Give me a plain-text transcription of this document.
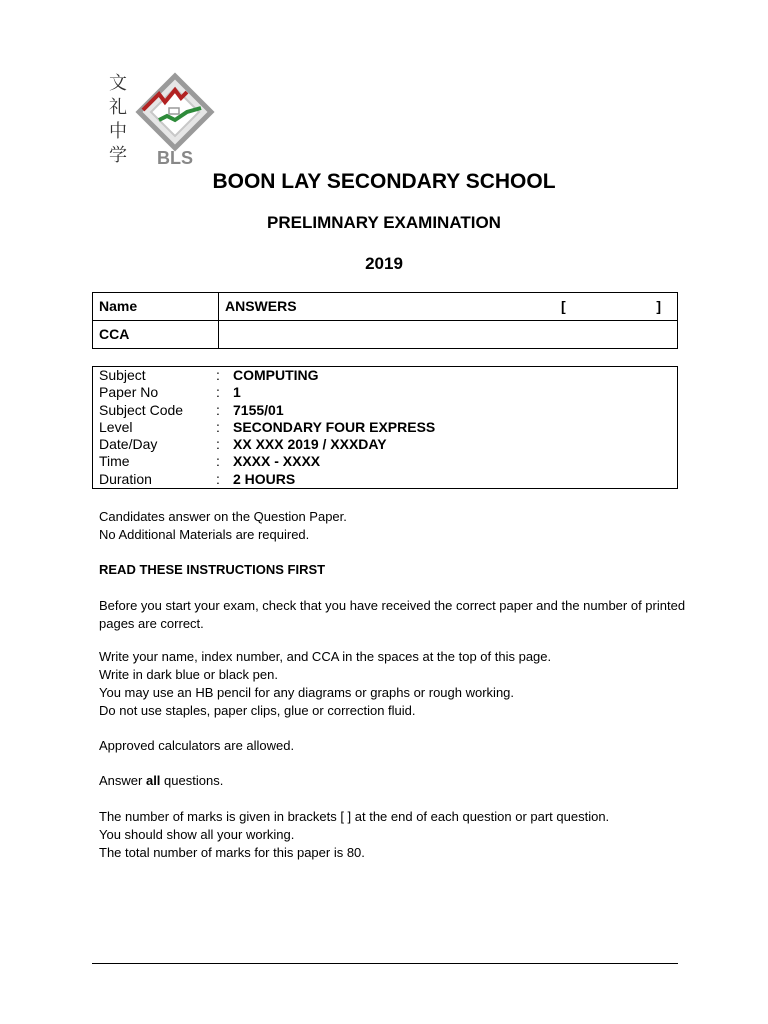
文
礼
中
学 BLS
BOON LAY SECONDARY SCHOOL
PRELIMNARY EXAMINATION
2019
Name	ANSWERS [ ]

CCA	
Subject	:	COMPUTING
Paper No	:	1
Subject Code	:	7155/01
Level	:	SECONDARY FOUR EXPRESS
Date/Day	:	XX XXX 2019 / XXXDAY
Time	:	XXXX - XXXX
Duration	:	2 HOURS

Candidates answer on the Question Paper.

No Additional Materials are required.

READ THESE INSTRUCTIONS FIRST
Before you start your exam, check that you have received the correct paper and the number of printed pages are correct.

Write your name, index number, and CCA in the spaces at the top of this page.

Write in dark blue or black pen.

You may use an HB pencil for any diagrams or graphs or rough working.

Do not use staples, paper clips, glue or correction fluid.

Approved calculators are allowed.
Answer all questions.

The number of marks is given in brackets [ ] at the end of each question or part question.

You should show all your working.

The total number of marks for this paper is 80.
